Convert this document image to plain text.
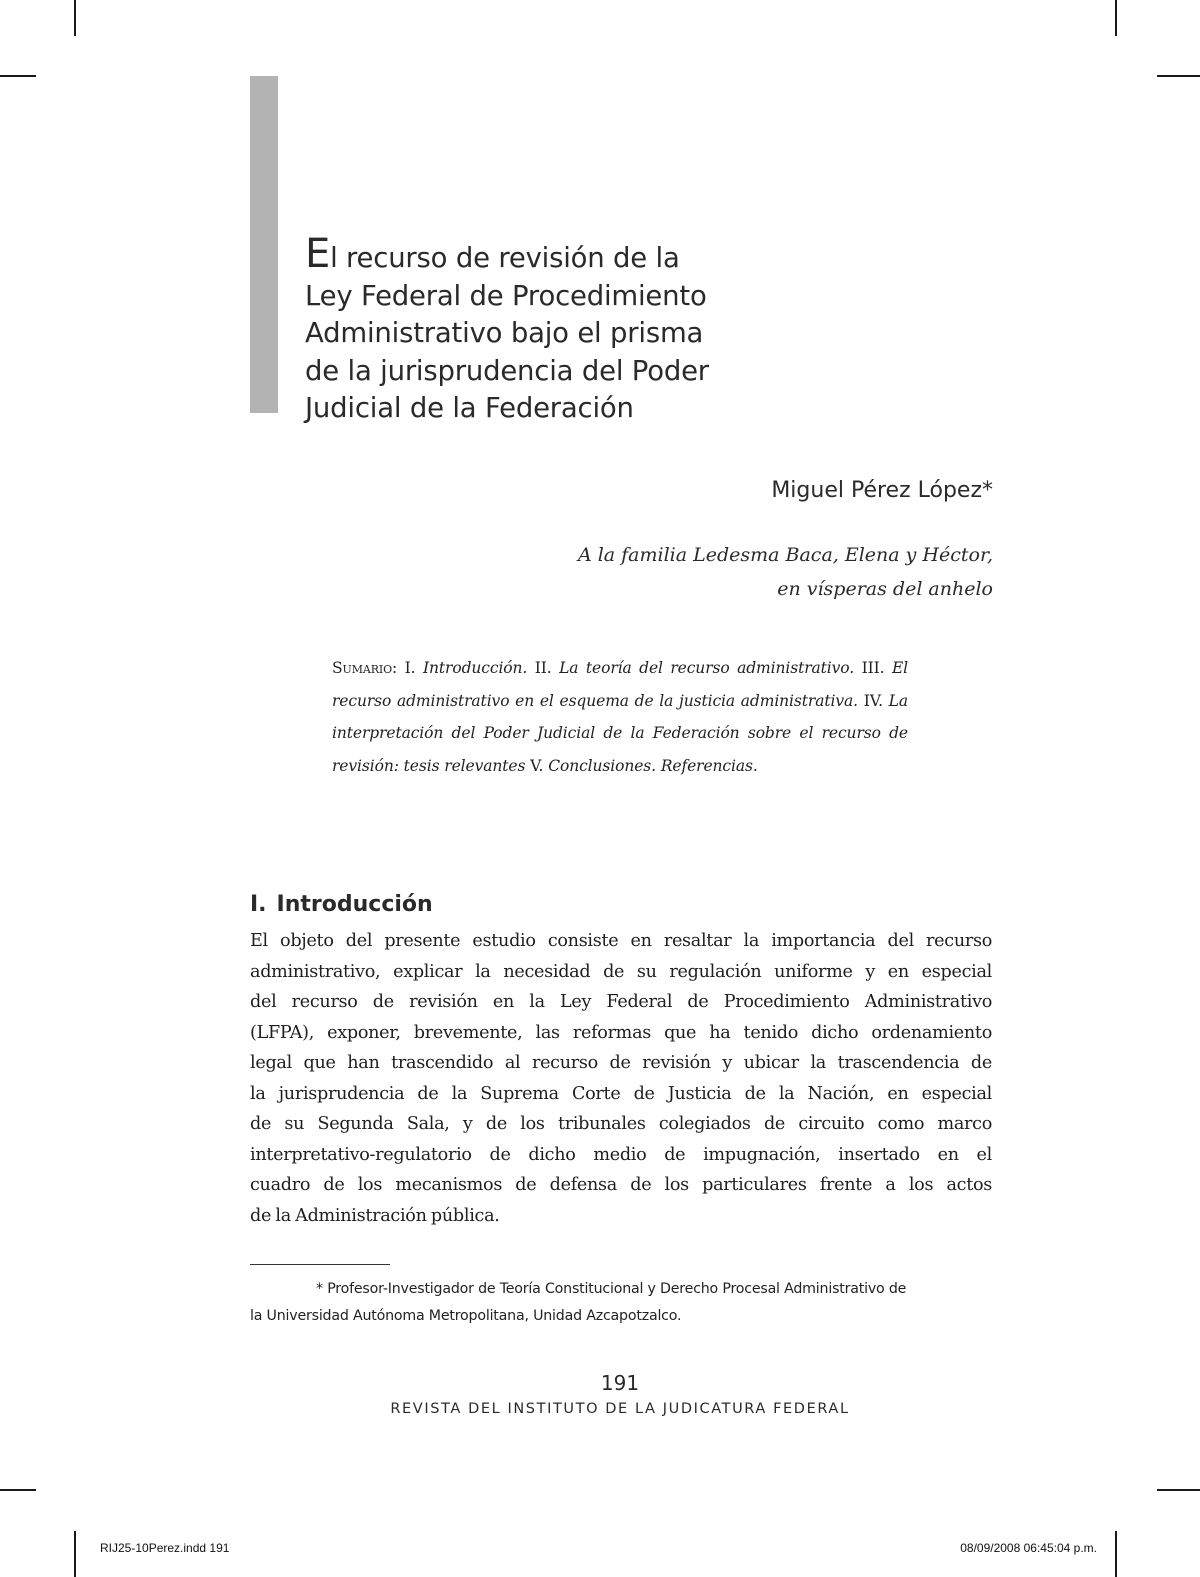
El recurso de revisión de la
Ley Federal de Procedimiento
Administrativo bajo el prisma
de la jurisprudencia del Poder
Judicial de la Federación
Miguel Pérez López*
A la familia Ledesma Baca, Elena y Héctor,
en vísperas del anhelo
Sumario: I. Introducción. II. La teoría del recurso administrativo. III. El recurso administrativo en el esquema de la justicia administrativa. IV. La interpretación del Poder Judicial de la Federación sobre el recurso de revisión: tesis relevantes V. Conclusiones. Referencias.
I. Introducción
El objeto del presente estudio consiste en resaltar la importancia del recurso
administrativo, explicar la necesidad de su regulación uniforme y en especial
del recurso de revisión en la Ley Federal de Procedimiento Administrativo
(LFPA), exponer, brevemente, las reformas que ha tenido dicho ordenamiento
legal que han trascendido al recurso de revisión y ubicar la trascendencia de
la jurisprudencia de la Suprema Corte de Justicia de la Nación, en especial
de su Segunda Sala, y de los tribunales colegiados de circuito como marco
interpretativo-regulatorio de dicho medio de impugnación, insertado en el
cuadro de los mecanismos de defensa de los particulares frente a los actos
de la Administración pública.
* Profesor-Investigador de Teoría Constitucional y Derecho Procesal Administrativo de
la Universidad Autónoma Metropolitana, Unidad Azcapotzalco.
191
REVISTA DEL INSTITUTO DE LA JUDICATURA FEDERAL
RIJ25-10Perez.indd 191	08/09/2008 06:45:04 p.m.
